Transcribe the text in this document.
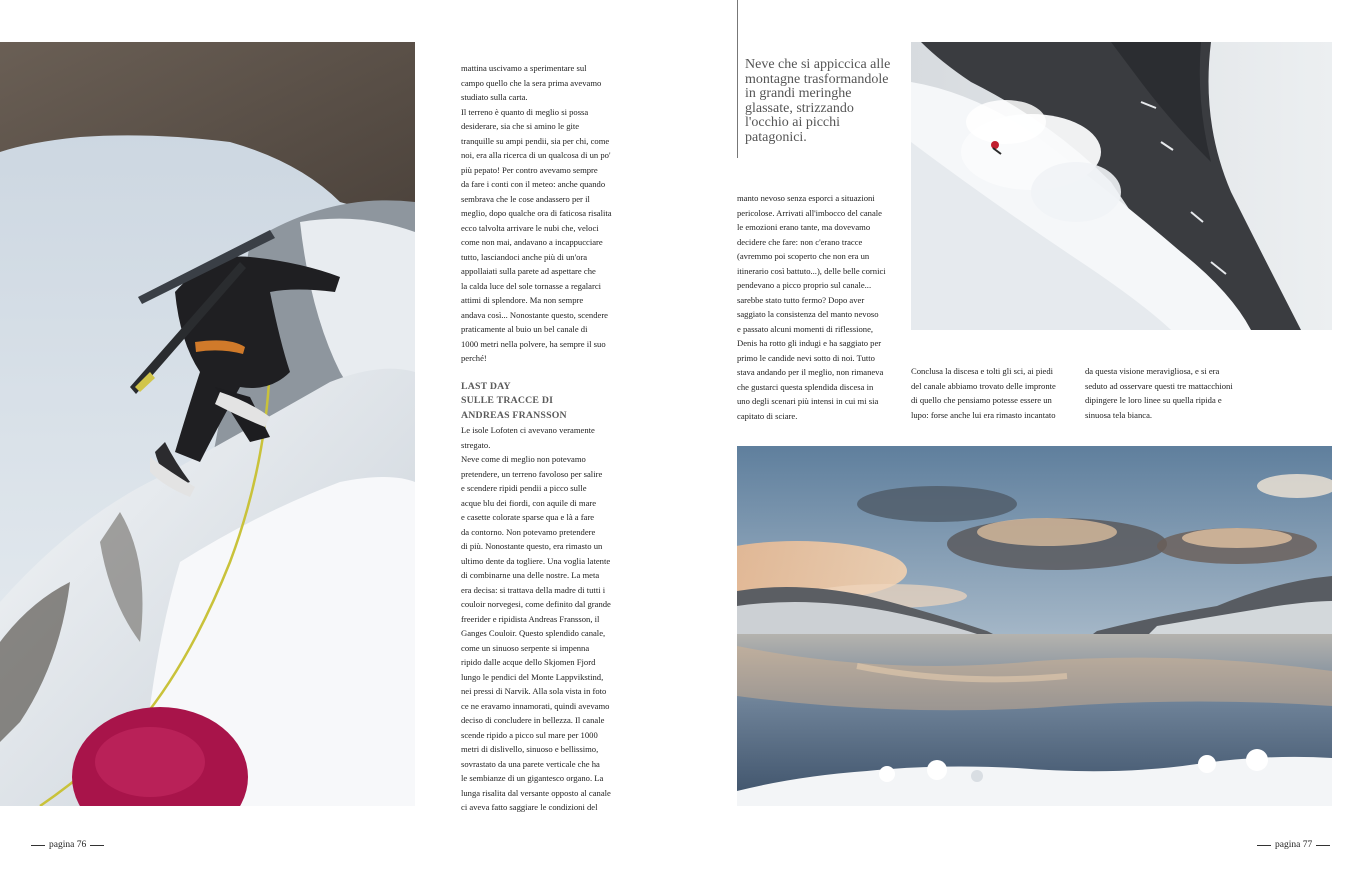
mattina uscivamo a sperimentare sul

campo quello che la sera prima avevamo

studiato sulla carta.

Il terreno è quanto di meglio si possa

desiderare, sia che si amino le gite

tranquille su ampi pendii, sia per chi, come

noi, era alla ricerca di un qualcosa di un po'

più pepato! Per contro avevamo sempre

da fare i conti con il meteo: anche quando

sembrava che le cose andassero per il

meglio, dopo qualche ora di faticosa risalita

ecco talvolta arrivare le nubi che, veloci

come non mai, andavano a incappucciare

tutto, lasciandoci anche più di un'ora

appollaiati sulla parete ad aspettare che

la calda luce del sole tornasse a regalarci

attimi di splendore. Ma non sempre

andava così... Nonostante questo, scendere

praticamente al buio un bel canale di

1000 metri nella polvere, ha sempre il suo

perché!

LAST DAY

SULLE TRACCE DI

ANDREAS FRANSSON

Le isole Lofoten ci avevano veramente

stregato.

Neve come di meglio non potevamo

pretendere, un terreno favoloso per salire

e scendere ripidi pendii a picco sulle

acque blu dei fiordi, con aquile di mare

e casette colorate sparse qua e là a fare

da contorno. Non potevamo pretendere

di più. Nonostante questo, era rimasto un

ultimo dente da togliere. Una voglia latente

di combinarne una delle nostre. La meta

era decisa: si trattava della madre di tutti i

couloir norvegesi, come definito dal grande

freerider e ripidista Andreas Fransson, il

Ganges Couloir. Questo splendido canale,

come un sinuoso serpente si impenna

ripido dalle acque dello Skjomen Fjord

lungo le pendici del Monte Lappvikstind,

nei pressi di Narvik. Alla sola vista in foto

ce ne eravamo innamorati, quindi avevamo

deciso di concludere in bellezza. Il canale

scende ripido a picco sul mare per 1000

metri di dislivello, sinuoso e bellissimo,

sovrastato da una parete verticale che ha

le sembianze di un gigantesco organo. La

lunga risalita dal versante opposto al canale

ci aveva fatto saggiare le condizioni del

pagina 76	pagina 77
Neve che si appiccica alle montagne trasformandole in grandi meringhe glassate, strizzando l'occhio ai picchi patagonici.

manto nevoso senza esporci a situazioni

pericolose. Arrivati all'imbocco del canale

le emozioni erano tante, ma dovevamo

decidere che fare: non c'erano tracce

(avremmo poi scoperto che non era un

itinerario così battuto...), delle belle cornici

pendevano a picco proprio sul canale...

sarebbe stato tutto fermo? Dopo aver

saggiato la consistenza del manto nevoso

e passato alcuni momenti di riflessione,

Denis ha rotto gli indugi e ha saggiato per

primo le candide nevi sotto di noi. Tutto

stava andando per il meglio, non rimaneva

che gustarci questa splendida discesa in

uno degli scenari più intensi in cui mi sia

capitato di sciare.

Conclusa la discesa e tolti gli sci, ai piedi

del canale abbiamo trovato delle impronte

di quello che pensiamo potesse essere un

lupo: forse anche lui era rimasto incantato

da questa visione meravigliosa, e si era

seduto ad osservare questi tre mattacchioni

dipingere le loro linee su quella ripida e

sinuosa tela bianca.
